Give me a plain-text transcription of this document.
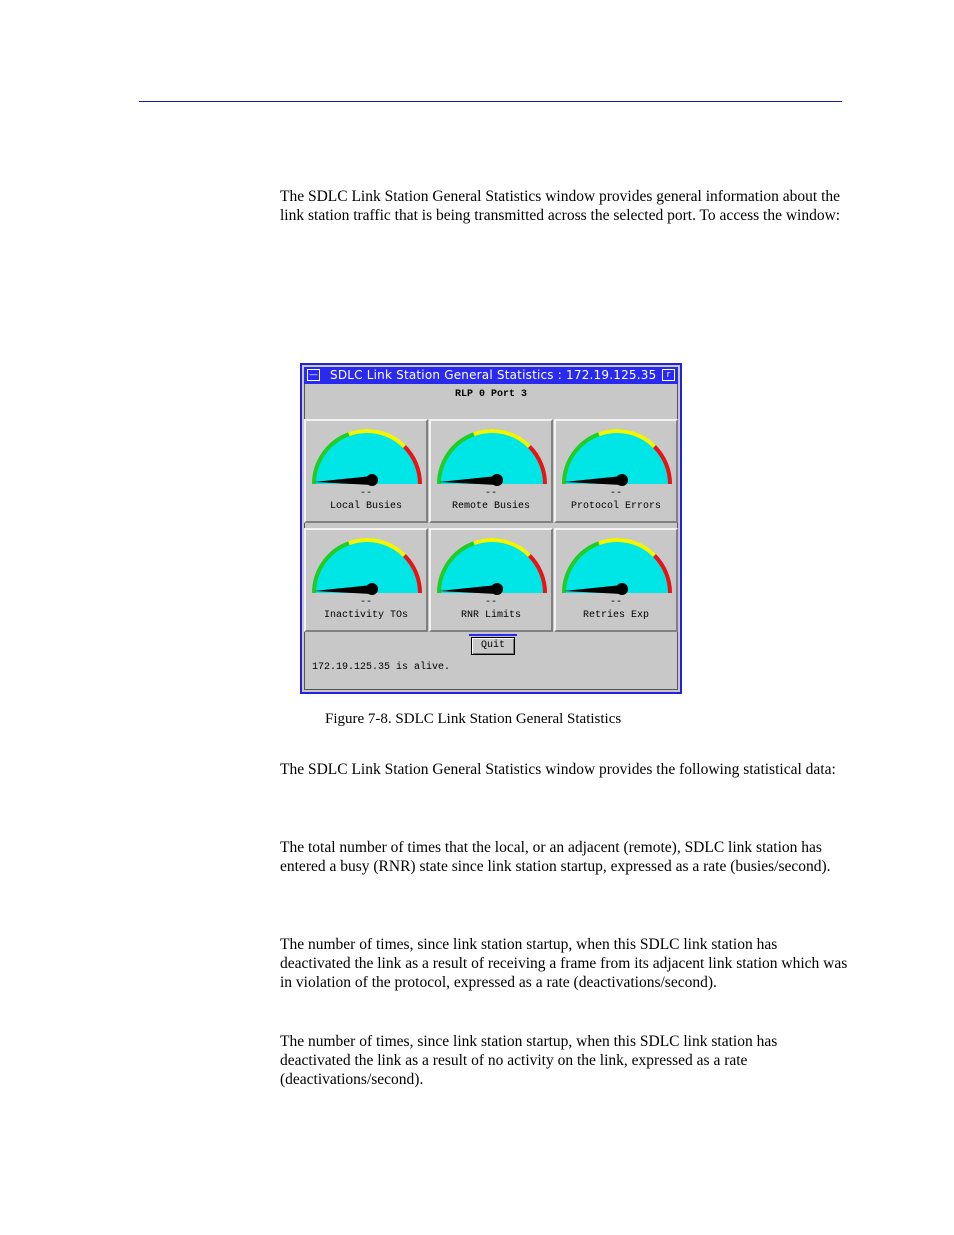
The SDLC Link Station General Statistics window provides general information about the link station traffic that is being transmitted across the selected port. To access the window:

— SDLC Link Station General Statistics : 172.19.125.35	r
RLP 0 Port 3
--
Local Busies
--
Remote Busies
--
Protocol Errors
--
Inactivity TOs
--
RNR Limits
--
Retries Exp
Quit
172.19.125.35 is alive.
Figure 7-8. SDLC Link Station General Statistics

The SDLC Link Station General Statistics window provides the following statistical data:

The total number of times that the local, or an adjacent (remote), SDLC link station has entered a busy (RNR) state since link station startup, expressed as a rate (busies/second).

The number of times, since link station startup, when this SDLC link station has deactivated the link as a result of receiving a frame from its adjacent link station which was in violation of the protocol, expressed as a rate (deactivations/second).

The number of times, since link station startup, when this SDLC link station has deactivated the link as a result of no activity on the link, expressed as a rate (deactivations/second).
